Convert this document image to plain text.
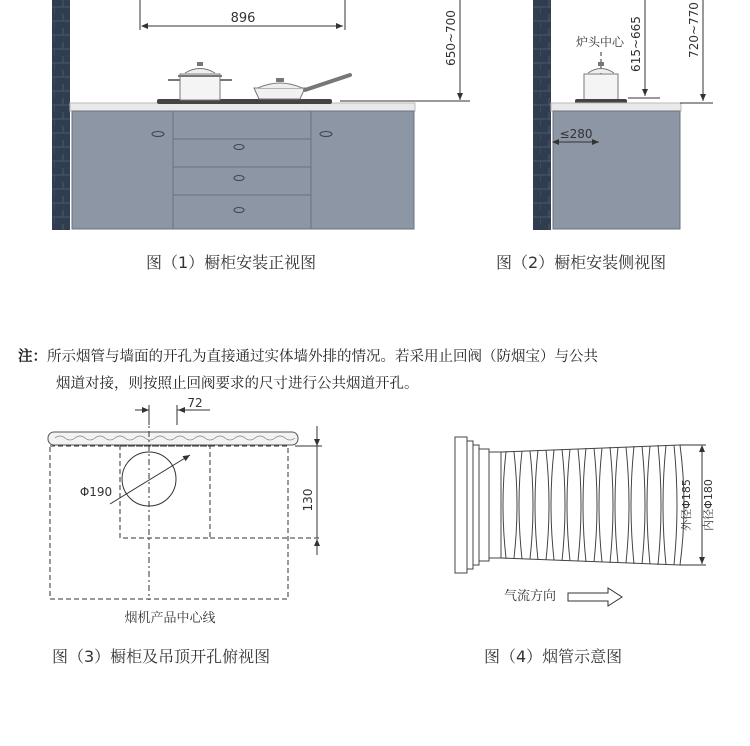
896	650~700	炉头中心
≤280
615~665	720~770
72
Φ190	130
烟机产品中心线
外径Φ185 内径Φ180
气流方向
图（1）橱柜安装正视图	图（2）橱柜安装侧视图
注：所示烟管与墙面的开孔为直接通过实体墙外排的情况。若采用止回阀（防烟宝）与公共
烟道对接，则按照止回阀要求的尺寸进行公共烟道开孔。
图（3）橱柜及吊顶开孔俯视图	图（4）烟管示意图
